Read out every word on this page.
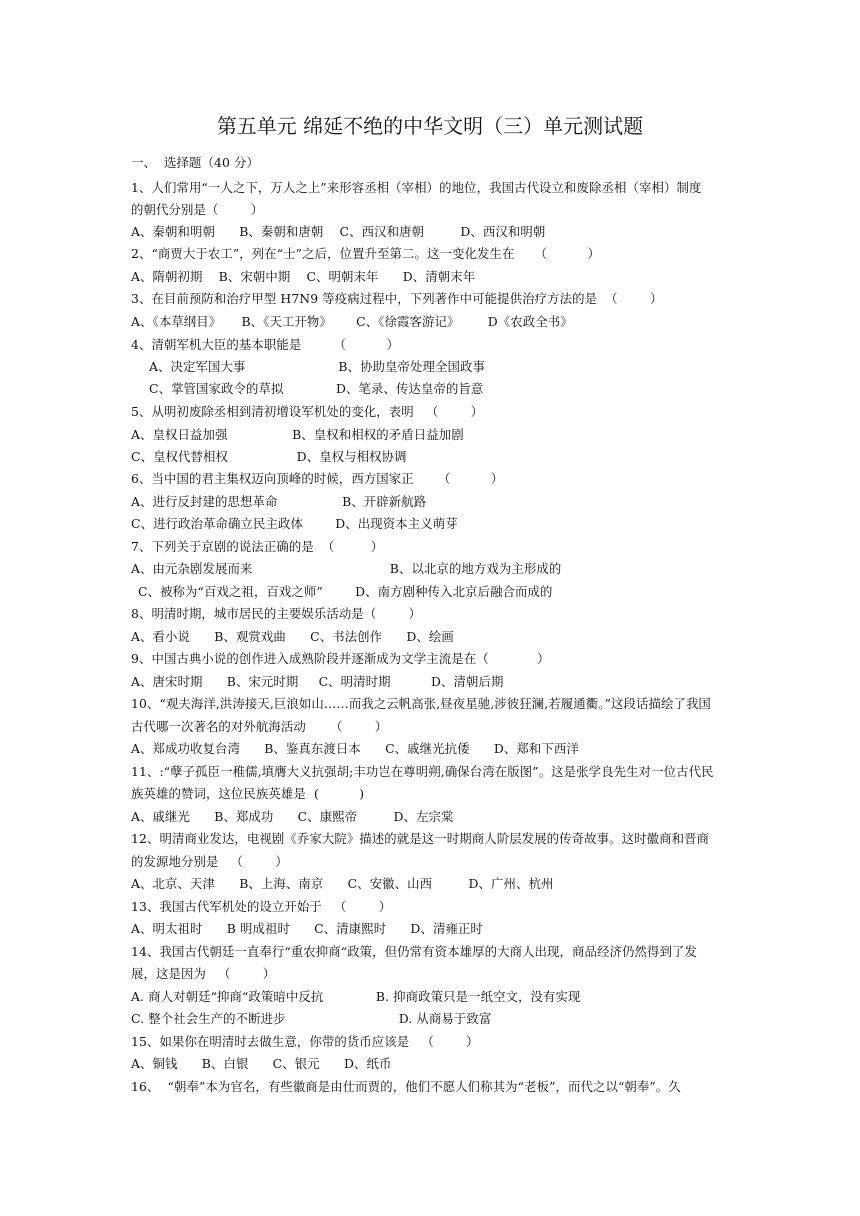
第五单元 绵延不绝的中华文明（三）单元测试题
一、  选择题（40 分）
1、人们常用“一人之下，万人之上”来形容丞相（宰相）的地位，我国古代设立和废除丞相（宰相）制度
的朝代分别是（        ）
A、秦朝和明朝      B、秦朝和唐朝    C、西汉和唐朝         D、西汉和明朝
2、“商贾大于农工”，列在“士”之后，位置升至第二。这一变化发生在     （          ）
A、隋朝初期    B、宋朝中期    C、明朝末年      D、清朝末年
3、在目前预防和治疗甲型 H7N9 等疫病过程中，下列著作中可能提供治疗方法的是  （        ）
A、《本草纲目》     B、《天工开物》      C、《徐霞客游记》       D《农政全书》
4、清朝军机大臣的基本职能是        （          ）
A、决定军国大事                       B、协助皇帝处理全国政事
C、掌管国家政令的草拟             D、笔录、传达皇帝的旨意
5、从明初废除丞相到清初增设军机处的变化，表明   （        ）
A、皇权日益加强                B、皇权和相权的矛盾日益加剧
C、皇权代替相权                 D、皇权与相权协调
6、当中国的君主集权迈向顶峰的时候，西方国家正      （          ）
A、进行反封建的思想革命                B、开辟新航路
C、进行政治革命确立民主政体        D、出现资本主义萌芽
7、下列关于京剧的说法正确的是  （         ）
A、由元杂剧发展而来                                  B、以北京的地方戏为主形成的
C、被称为“百戏之祖，百戏之师”        D、南方剧种传入北京后融合而成的
8、明清时期，城市居民的主要娱乐活动是（        ）
A、看小说      B、观赏戏曲      C、书法创作      D、绘画
9、中国古典小说的创作进入成熟阶段并逐渐成为文学主流是在（            ）
A、唐宋时期      B、宋元时期     C、明清时期          D、清朝后期
10、“观夫海洋,洪涛接天,巨浪如山……而我之云帆高张,昼夜星驰,涉彼狂澜,若履通衢。”这段话描绘了我国
古代哪一次著名的对外航海活动      （        ）
A、郑成功收复台湾      B、鉴真东渡日本      C、戚继光抗倭      D、郑和下西洋
11、:“孽子孤臣一稚儒,填膺大义抗强胡;丰功岂在尊明朔,确保台湾在版图”。这是张学良先生对一位古代民
族英雄的赞词，这位民族英雄是  (          )
A、戚继光      B、郑成功      C、康熙帝         D、左宗棠
12、明清商业发达，电视剧《乔家大院》描述的就是这一时期商人阶层发展的传奇故事。这时徽商和晋商
的发源地分别是   （        ）
A、北京、天津      B、上海、南京      C、安徽、山西         D、广州、杭州
13、我国古代军机处的设立开始于   （        ）
A、明太祖时      B 明成祖时      C、清康熙时      D、清雍正时
14、我国古代朝廷一直奉行“重农抑商“政策，但仍常有资本雄厚的大商人出现，商品经济仍然得到了发
展，这是因为   （        ）
A. 商人对朝廷“抑商“政策暗中反抗             B. 抑商政策只是一纸空文，没有实现
C. 整个社会生产的不断进步                            D. 从商易于致富
15、如果你在明清时去做生意，你带的货币应该是   （        ）
A、铜钱      B、白银      C、银元      D、纸币
16、  “朝奉”本为官名，有些徽商是由仕而贾的，他们不愿人们称其为“老板”，而代之以“朝奉”。久
